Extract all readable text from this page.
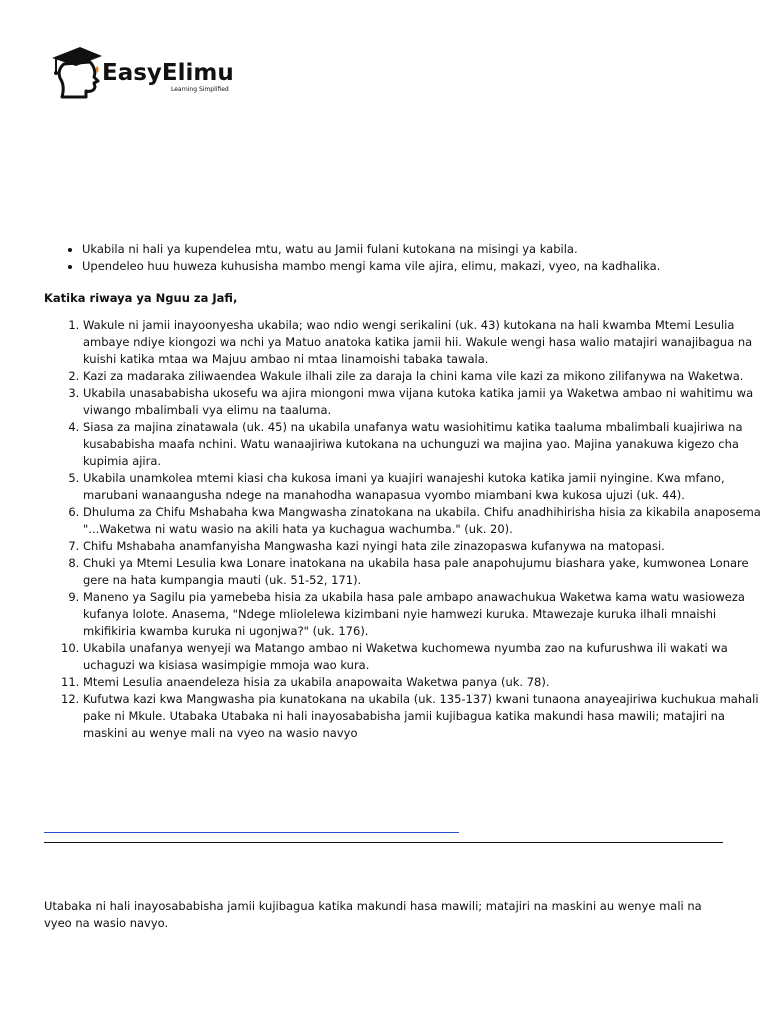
EasyElimu
Learning Simplified
• Ukabila ni hali ya kupendelea mtu, watu au Jamii fulani kutokana na misingi ya kabila.
• Upendeleo huu huweza kuhusisha mambo mengi kama vile ajira, elimu, makazi, vyeo, na kadhalika.

Katika riwaya ya Nguu za Jafi,

1. Wakule ni jamii inayoonyesha ukabila; wao ndio wengi serikalini (uk. 43) kutokana na hali kwamba Mtemi Lesulia ambaye ndiye kiongozi wa nchi ya Matuo anatoka katika jamii hii. Wakule wengi hasa walio matajiri wanajibagua na kuishi katika mtaa wa Majuu ambao ni mtaa linamoishi tabaka tawala.
2. Kazi za madaraka ziliwaendea Wakule ilhali zile za daraja la chini kama vile kazi za mikono zilifanywa na Waketwa.
3. Ukabila unasababisha ukosefu wa ajira miongoni mwa vijana kutoka katika jamii ya Waketwa ambao ni wahitimu wa viwango mbalimbali vya elimu na taaluma.
4. Siasa za majina zinatawala (uk. 45) na ukabila unafanya watu wasiohitimu katika taaluma mbalimbali kuajiriwa na kusababisha maafa nchini. Watu wanaajiriwa kutokana na uchunguzi wa majina yao. Majina yanakuwa kigezo cha kupimia ajira.
5. Ukabila unamkolea mtemi kiasi cha kukosa imani ya kuajiri wanajeshi kutoka katika jamii nyingine. Kwa mfano, marubani wanaangusha ndege na manahodha wanapasua vyombo miambani kwa kukosa ujuzi (uk. 44).
6. Dhuluma za Chifu Mshabaha kwa Mangwasha zinatokana na ukabila. Chifu anadhihirisha hisia za kikabila anaposema "...Waketwa ni watu wasio na akili hata ya kuchagua wachumba." (uk. 20).
7. Chifu Mshabaha anamfanyisha Mangwasha kazi nyingi hata zile zinazopaswa kufanywa na matopasi.
8. Chuki ya Mtemi Lesulia kwa Lonare inatokana na ukabila hasa pale anapohujumu biashara yake, kumwonea Lonare gere na hata kumpangia mauti (uk. 51-52, 171).
9. Maneno ya Sagilu pia yamebeba hisia za ukabila hasa pale ambapo anawachukua Waketwa kama watu wasioweza kufanya lolote. Anasema, "Ndege mliolelewa kizimbani nyie hamwezi kuruka. Mtawezaje kuruka ilhali mnaishi mkifikiria kwamba kuruka ni ugonjwa?" (uk. 176).
10. Ukabila unafanya wenyeji wa Matango ambao ni Waketwa kuchomewa nyumba zao na kufurushwa ili wakati wa uchaguzi wa kisiasa wasimpigie mmoja wao kura.
11. Mtemi Lesulia anaendeleza hisia za ukabila anapowaita Waketwa panya (uk. 78).
12. Kufutwa kazi kwa Mangwasha pia kunatokana na ukabila (uk. 135-137) kwani tunaona anayeajiriwa kuchukua mahali pake ni Mkule. Utabaka Utabaka ni hali inayosababisha jamii kujibagua katika makundi hasa mawili; matajiri na maskini au wenye mali na vyeo na wasio navyo

Utabaka ni hali inayosababisha jamii kujibagua katika makundi hasa mawili; matajiri na maskini au wenye mali na vyeo na wasio navyo.
